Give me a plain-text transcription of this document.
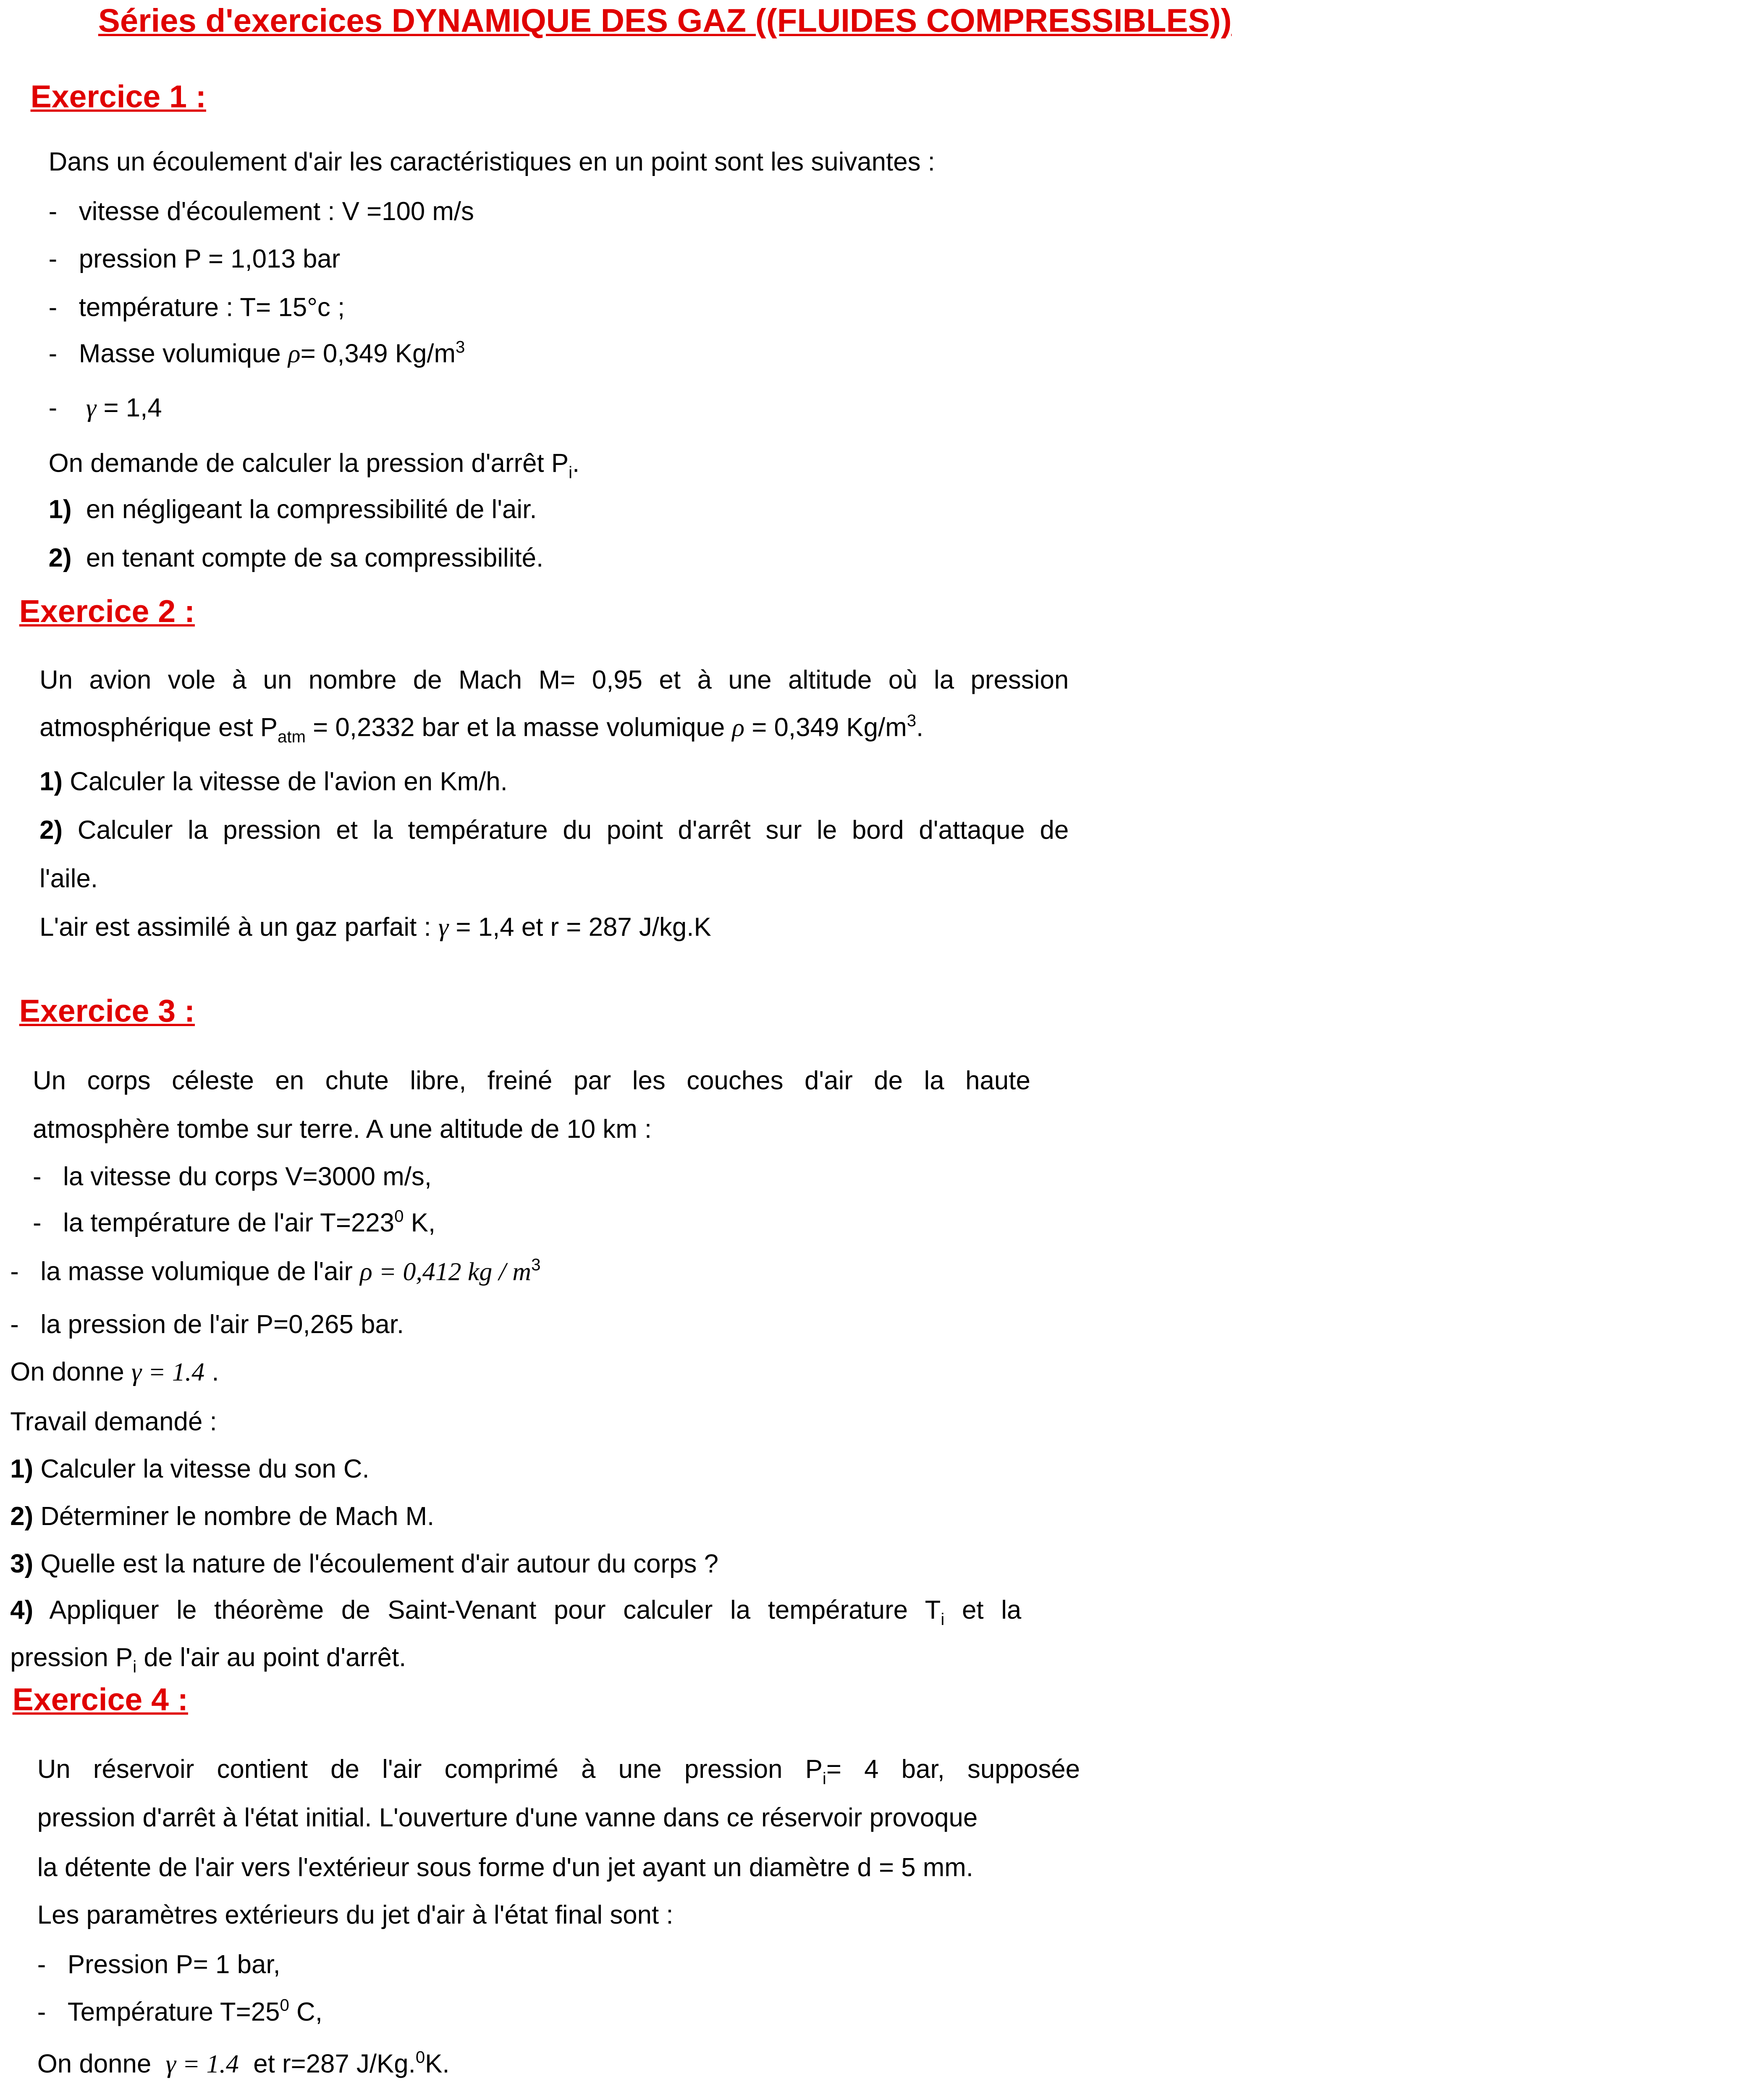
Séries d'exercices DYNAMIQUE DES GAZ ((FLUIDES COMPRESSIBLES))
Exercice 1 :
Dans un écoulement d'air les caractéristiques en un point sont les suivantes :
-   vitesse d'écoulement : V =100 m/s
-   pression P = 1,013 bar
-   température : T= 15°c ;
-   Masse volumique ρ= 0,349 $Kg/m^3$
-    γ = 1,4
On demande de calculer la pression d'arrêt $P_i$.
1) en négligeant la compressibilité de l'air.
2) en tenant compte de sa compressibilité.
Exercice 2 :
Un avion vole à un nombre de Mach M= 0,95 et à une altitude où la pression
atmosphérique est $P_{atm} = 0,2332$ bar et la masse volumique ρ = 0,349 $Kg/m^3$.
1) Calculer la vitesse de l'avion en Km/h.
2) Calculer la pression et la température du point d'arrêt sur le bord d'attaque de
l'aile.
L'air est assimilé à un gaz parfait : γ = 1,4 et r = 287 J/kg.K
Exercice 3 :
Un corps céleste en chute libre, freiné par les couches d'air de la haute
atmosphère tombe sur terre. A une altitude de 10 km :
-   la vitesse du corps V=3000 m/s,
-   la température de l'air $T=223^0$ K,
-   la masse volumique de l'air ρ = 0,412 kg / $m^3$
-   la pression de l'air P=0,265 bar.
On donne γ = 1.4 .
Travail demandé :
1) Calculer la vitesse du son C.
2) Déterminer le nombre de Mach M.
3) Quelle est la nature de l'écoulement d'air autour du corps ?
4) Appliquer le théorème de Saint-Venant pour calculer la température $T_i$ et la
pression $P_i$ de l'air au point d'arrêt.
Exercice 4 :
Un réservoir contient de l'air comprimé à une pression $P_i= 4$ bar, supposée
pression d'arrêt à l'état initial. L'ouverture d'une vanne dans ce réservoir provoque
la détente de l'air vers l'extérieur sous forme d'un jet ayant un diamètre d = 5 mm.
Les paramètres extérieurs du jet d'air à l'état final sont :
-   Pression P= 1 bar,
-   Température $T=25^0$ C,
On donne γ = 1.4 et r=287 J/Kg.$^0$K.
